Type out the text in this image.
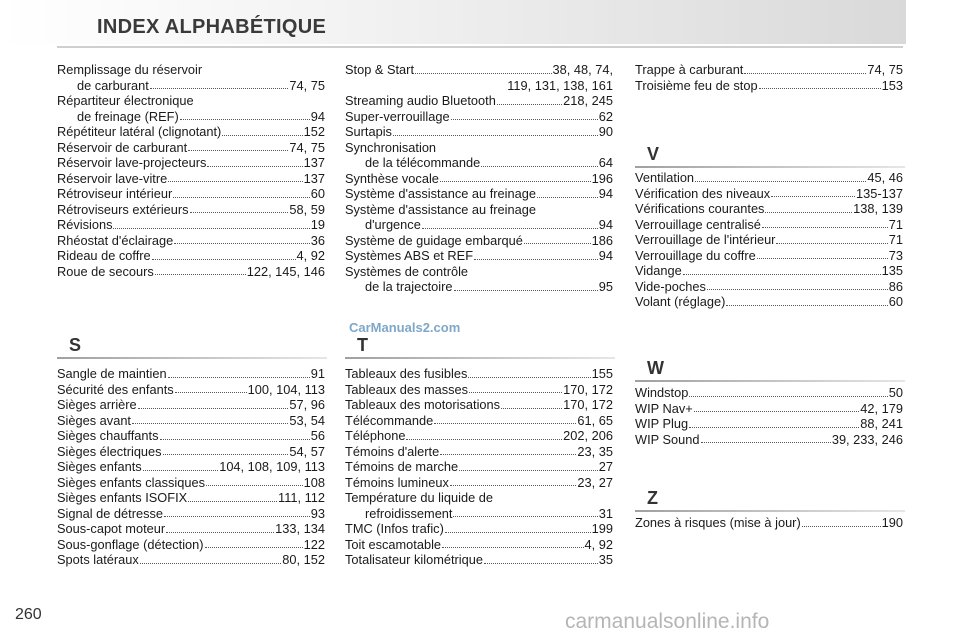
INDEX ALPHABÉTIQUE
Remplissage du réservoir
de carburant	74, 75
Répartiteur électronique
de freinage (REF)	94
Répétiteur latéral (clignotant)	152
Réservoir de carburant	74, 75
Réservoir lave-projecteurs	137
Réservoir lave-vitre	137
Rétroviseur intérieur	60
Rétroviseurs extérieurs	58, 59
Révisions	19
Rhéostat d'éclairage	36
Rideau de coffre	4, 92
Roue de secours	122, 145, 146
S
Sangle de maintien	91
Sécurité des enfants	100, 104, 113
Sièges arrière	57, 96
Sièges avant	53, 54
Sièges chauffants	56
Sièges électriques	54, 57
Sièges enfants	104, 108, 109, 113
Sièges enfants classiques	108
Sièges enfants ISOFIX	111, 112
Signal de détresse	93
Sous-capot moteur	133, 134
Sous-gonflage (détection)	122
Spots latéraux	80, 152
Stop & Start	38, 48, 74,
119, 131, 138, 161
Streaming audio Bluetooth	218, 245
Super-verrouillage	62
Surtapis	90
Synchronisation
de la télécommande	64
Synthèse vocale	196
Système d'assistance au freinage	94
Système d'assistance au freinage
d'urgence	94
Système de guidage embarqué	186
Systèmes ABS et REF	94
Systèmes de contrôle
de la trajectoire	95
T
Tableaux des fusibles	155
Tableaux des masses	170, 172
Tableaux des motorisations	170, 172
Télécommande	61, 65
Téléphone	202, 206
Témoins d'alerte	23, 35
Témoins de marche	27
Témoins lumineux	23, 27
Température du liquide de
refroidissement	31
TMC (Infos trafic)	199
Toit escamotable	4, 92
Totalisateur kilométrique	35
Trappe à carburant	74, 75
Troisième feu de stop	153
V
Ventilation	45, 46
Vérification des niveaux	135-137
Vérifications courantes	138, 139
Verrouillage centralisé	71
Verrouillage de l'intérieur	71
Verrouillage du coffre	73
Vidange	135
Vide-poches	86
Volant (réglage)	60
W
Windstop	50
WIP Nav+	42, 179
WIP Plug	88, 241
WIP Sound	39, 233, 246
Z
Zones à risques (mise à jour)	190
CarManuals2.com
carmanualsonline.info
260
